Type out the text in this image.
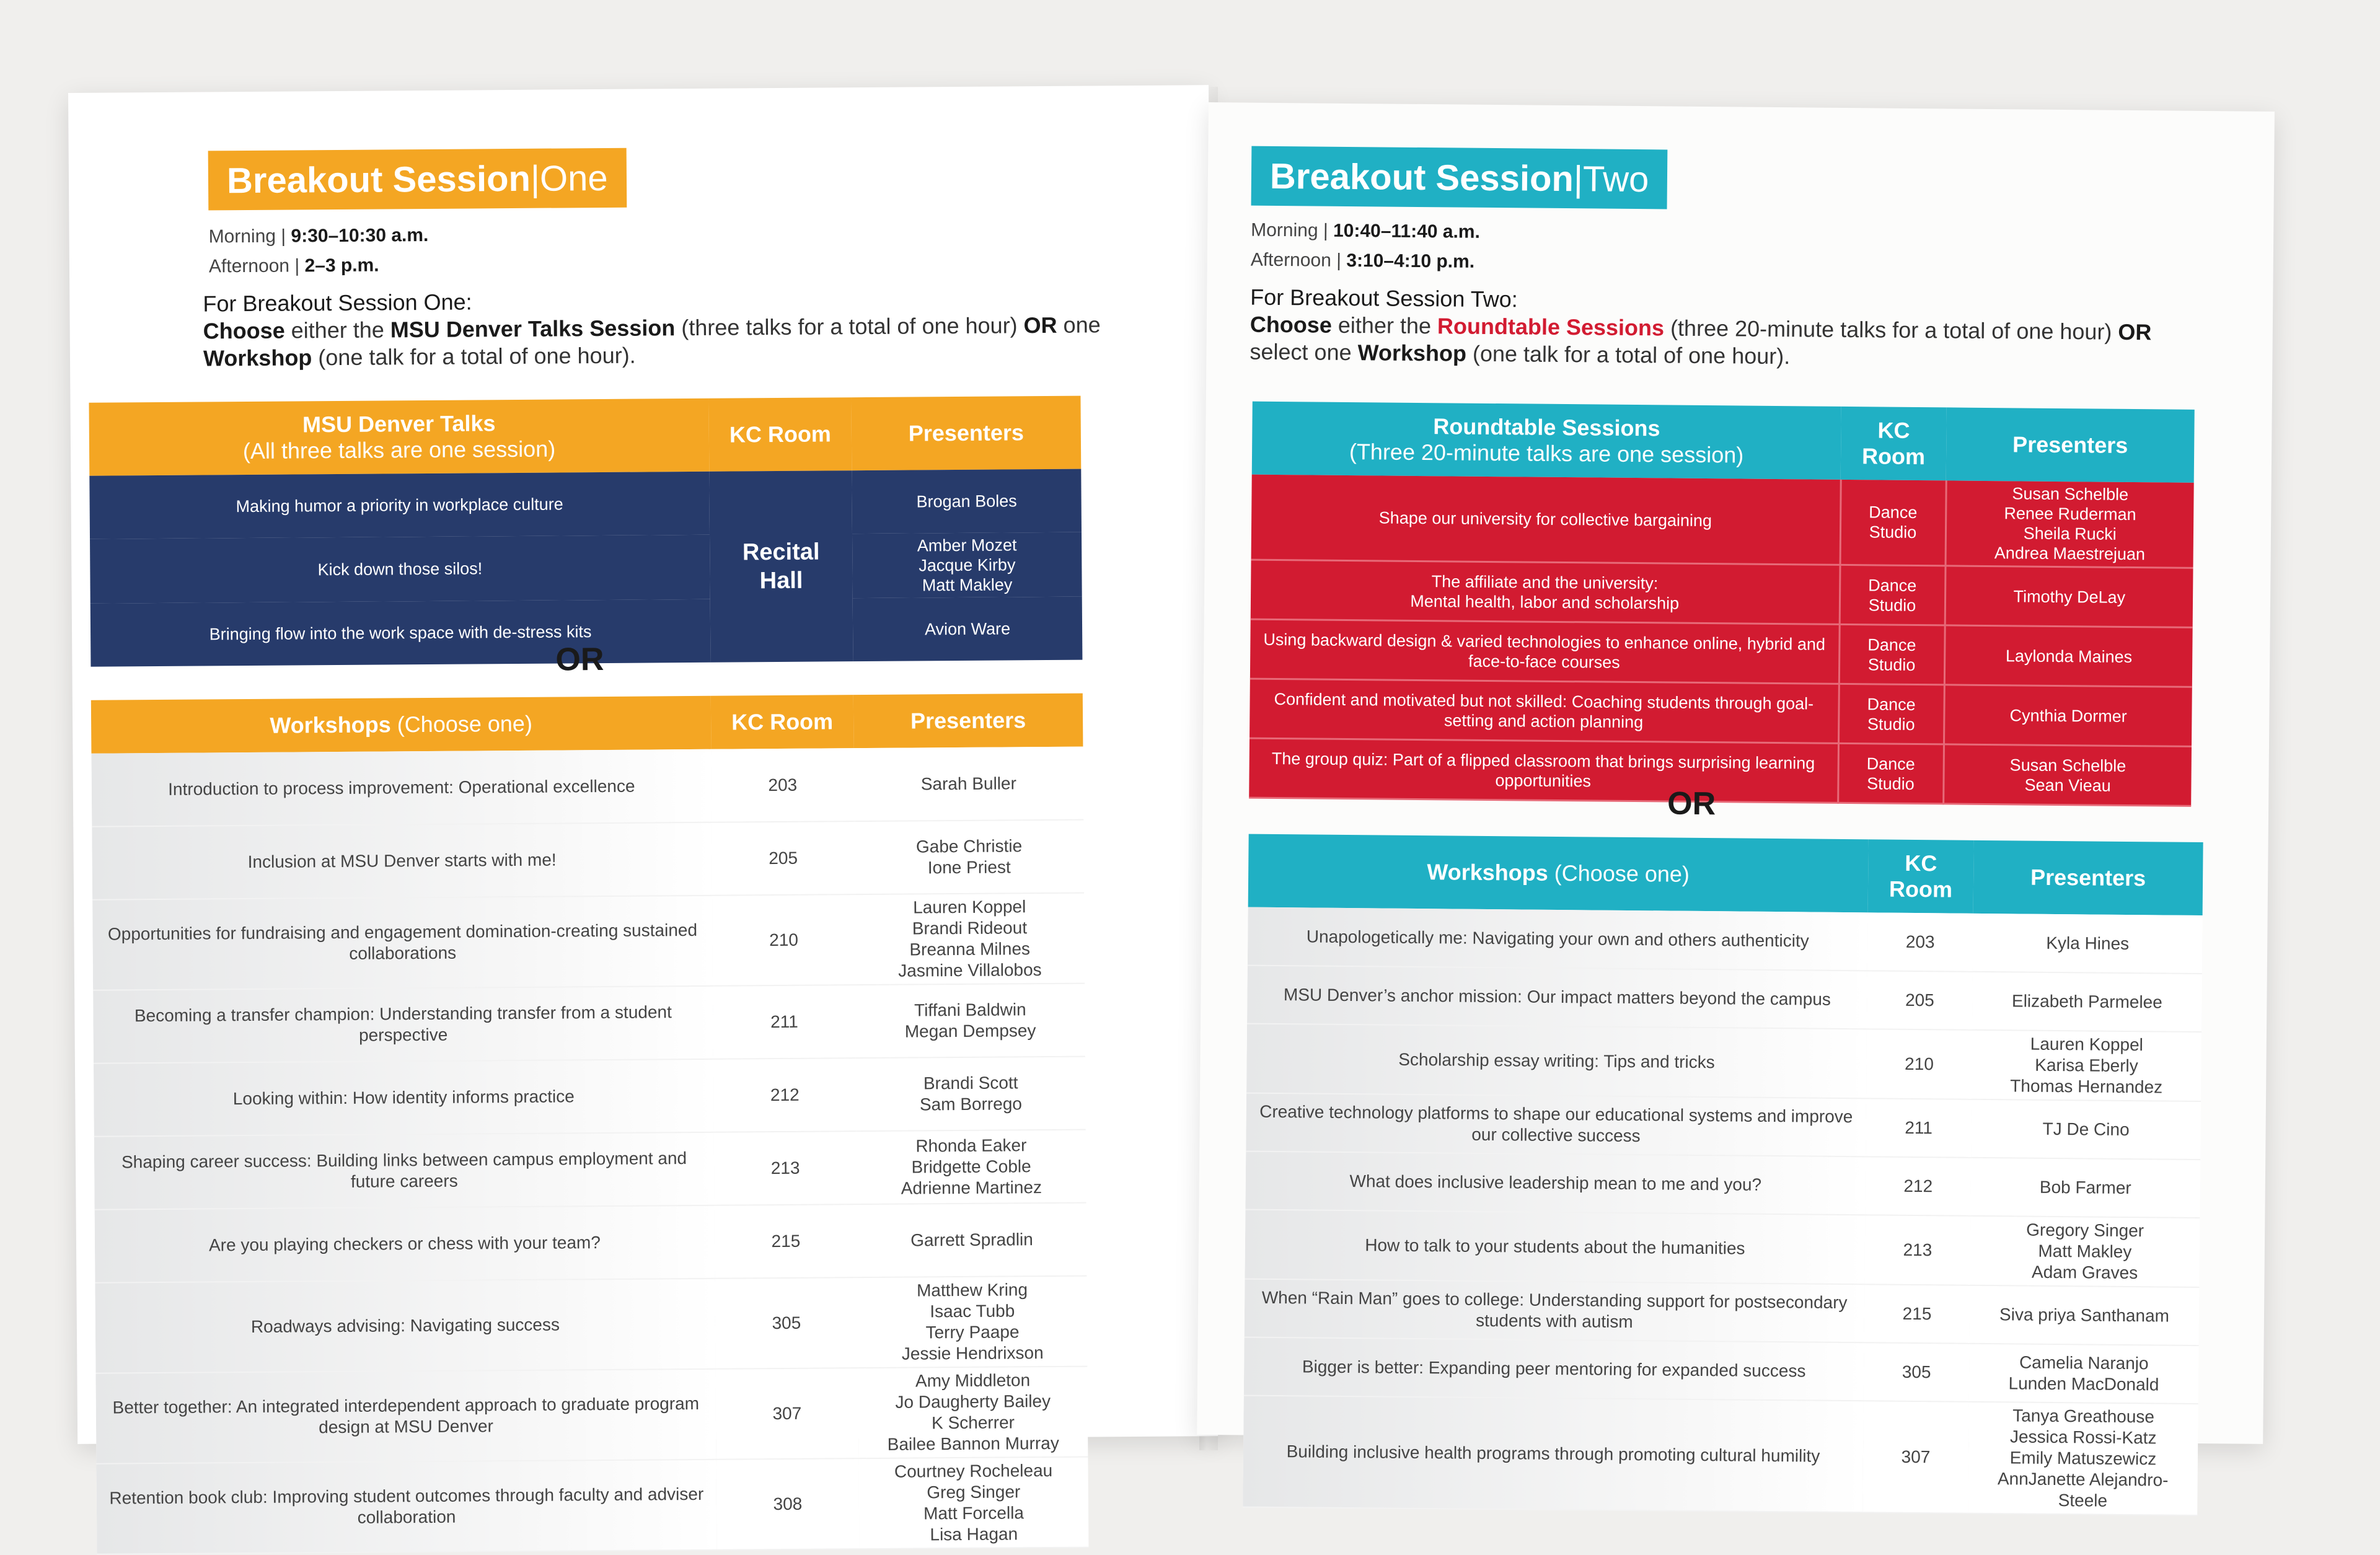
Breakout Session | One
Morning | 9:30–10:30 a.m.
Afternoon | 2–3 p.m.
For Breakout Session One:
Choose either the MSU Denver Talks Session (three talks for a total of one hour) OR one Workshop (one talk for a total of one hour).
MSU Denver Talks
(All three talks are one session)	KC Room	Presenters
Making humor a priority in workplace culture	Recital Hall	Brogan Boles
Kick down those silos!		Amber Mozet
Jacque Kirby
Matt Makley
Bringing flow into the work space with de-stress kits		Avion Ware
OR
Workshops (Choose one)	KC Room	Presenters
Introduction to process improvement: Operational excellence	203	Sarah Buller
Inclusion at MSU Denver starts with me!	205	Gabe Christie
Ione Priest
Opportunities for fundraising and engagement domination-creating sustained collaborations	210	Lauren Koppel
Brandi Rideout
Breanna Milnes
Jasmine Villalobos
Becoming a transfer champion: Understanding transfer from a student perspective	211	Tiffani Baldwin
Megan Dempsey
Looking within: How identity informs practice	212	Brandi Scott
Sam Borrego
Shaping career success: Building links between campus employment and future careers	213	Rhonda Eaker
Bridgette Coble
Adrienne Martinez
Are you playing checkers or chess with your team?	215	Garrett Spradlin
Roadways advising: Navigating success	305	Matthew Kring
Isaac Tubb
Terry Paape
Jessie Hendrixson
Better together: An integrated interdependent approach to graduate program design at MSU Denver	307	Amy Middleton
Jo Daugherty Bailey
K Scherrer
Bailee Bannon Murray
Retention book club: Improving student outcomes through faculty and adviser collaboration	308	Courtney Rocheleau
Greg Singer
Matt Forcella
Lisa Hagan
Breakout Session | Two
Morning | 10:40–11:40 a.m.
Afternoon | 3:10–4:10 p.m.
For Breakout Session Two:
Choose either the Roundtable Sessions (three 20-minute talks for a total of one hour) OR select one Workshop (one talk for a total of one hour).
Roundtable Sessions
(Three 20-minute talks are one session)	KC Room	Presenters
Shape our university for collective bargaining	Dance Studio	Susan Schelble
Renee Ruderman
Sheila Rucki
Andrea Maestrejuan
The affiliate and the university:
Mental health, labor and scholarship	Dance Studio	Timothy DeLay
Using backward design & varied technologies to enhance online, hybrid and face-to-face courses	Dance Studio	Laylonda Maines
Confident and motivated but not skilled: Coaching students through goal-setting and action planning	Dance Studio	Cynthia Dormer
The group quiz: Part of a flipped classroom that brings surprising learning opportunities	Dance Studio	Susan Schelble
Sean Vieau
OR
Workshops (Choose one)	KC Room	Presenters
Unapologetically me: Navigating your own and others authenticity	203	Kyla Hines
MSU Denver’s anchor mission: Our impact matters beyond the campus	205	Elizabeth Parmelee
Scholarship essay writing: Tips and tricks	210	Lauren Koppel
Karisa Eberly
Thomas Hernandez
Creative technology platforms to shape our educational systems and improve our collective success	211	TJ De Cino
What does inclusive leadership mean to me and you?	212	Bob Farmer
How to talk to your students about the humanities	213	Gregory Singer
Matt Makley
Adam Graves
When “Rain Man” goes to college: Understanding support for postsecondary students with autism	215	Siva priya Santhanam
Bigger is better: Expanding peer mentoring for expanded success	305	Camelia Naranjo
Lunden MacDonald
Building inclusive health programs through promoting cultural humility	307	Tanya Greathouse
Jessica Rossi-Katz
Emily Matuszewicz
AnnJanette Alejandro-Steele
